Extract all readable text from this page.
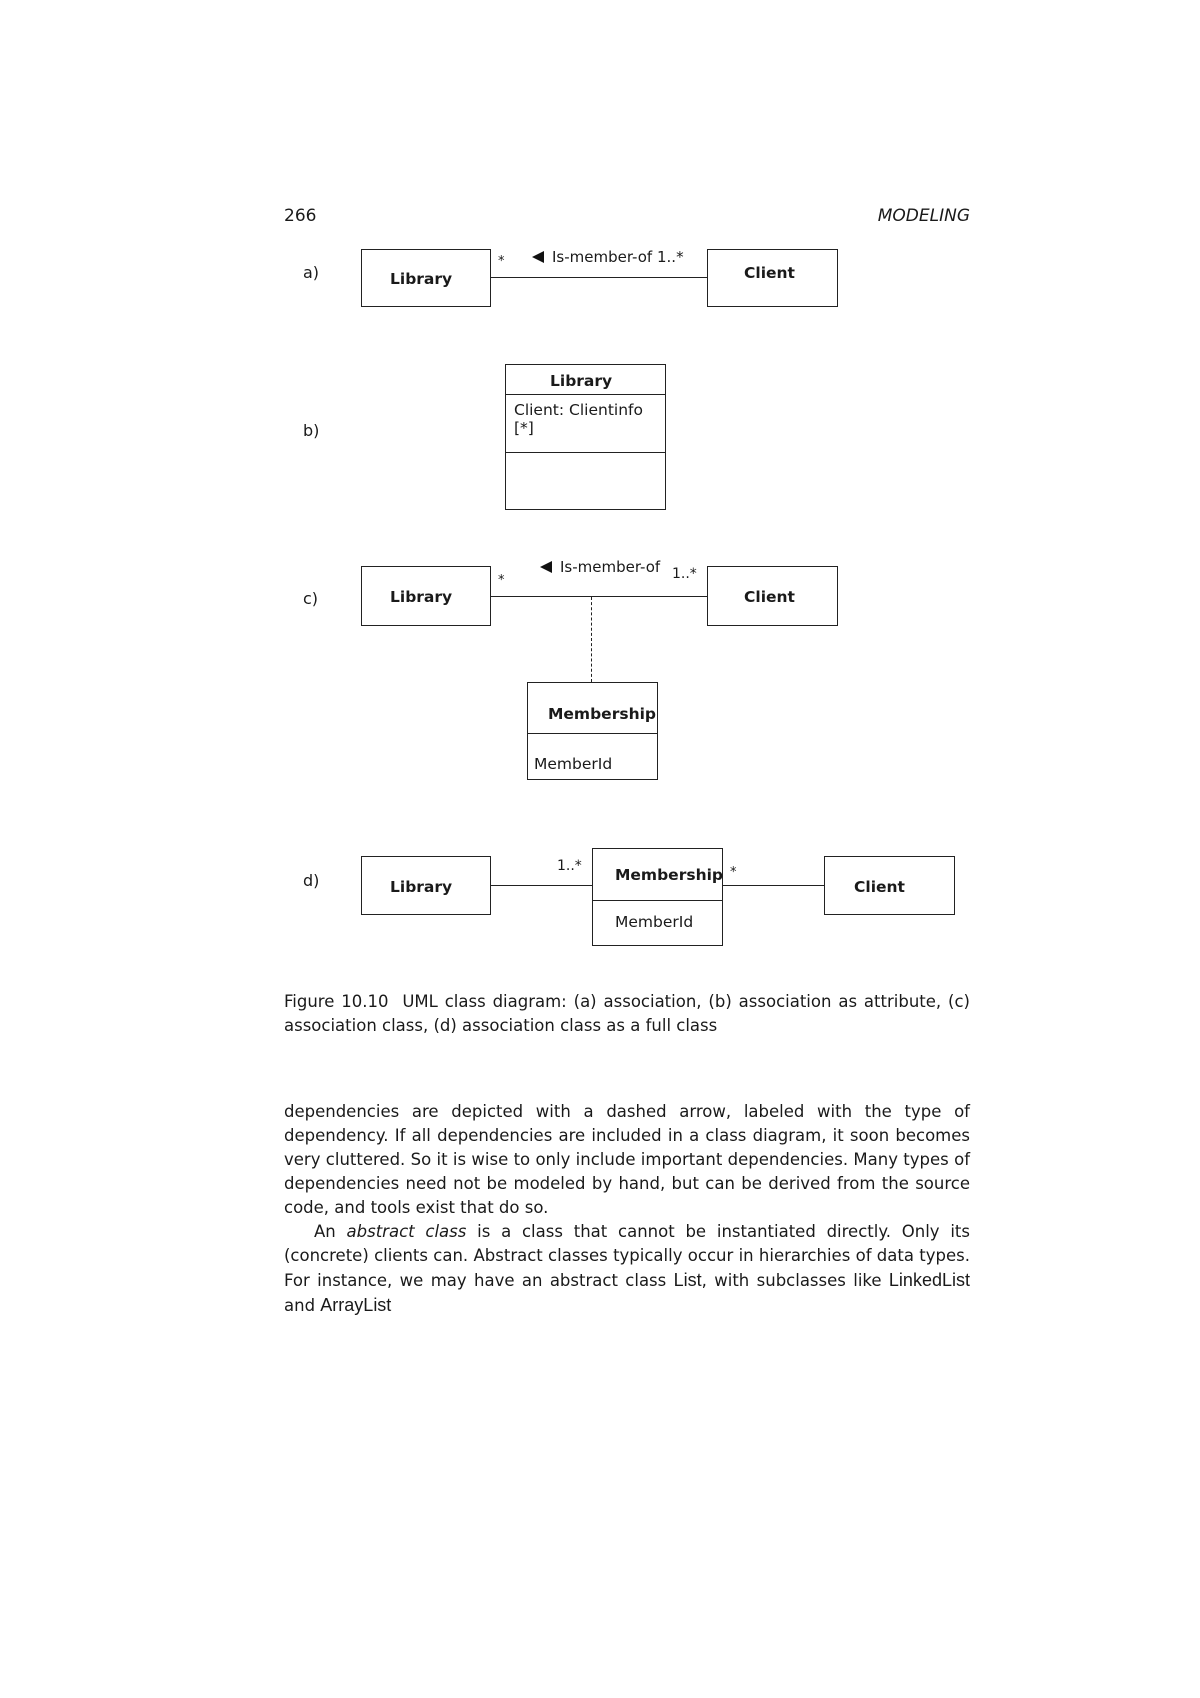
266	MODELING
a)	Library
*	Is-member-of 1..*
Client
b)
Library
Client: Clientinfo [*]
c)	Library
*
Is-member-of 1..*
Client
Membership
MemberId
d)	Library
1..* Membership
MemberId
*
Client
Figure 10.10 UML class diagram: (a) association, (b) association as attribute, (c) association class, (d) association class as a full class

dependencies are depicted with a dashed arrow, labeled with the type of dependency. If all dependencies are included in a class diagram, it soon becomes very cluttered. So it is wise to only include important dependencies. Many types of dependencies need not be modeled by hand, but can be derived from the source code, and tools exist that do so.

An abstract class is a class that cannot be instantiated directly. Only its (concrete) clients can. Abstract classes typically occur in hierarchies of data types. For instance, we may have an abstract class List, with subclasses like LinkedList and ArrayList
